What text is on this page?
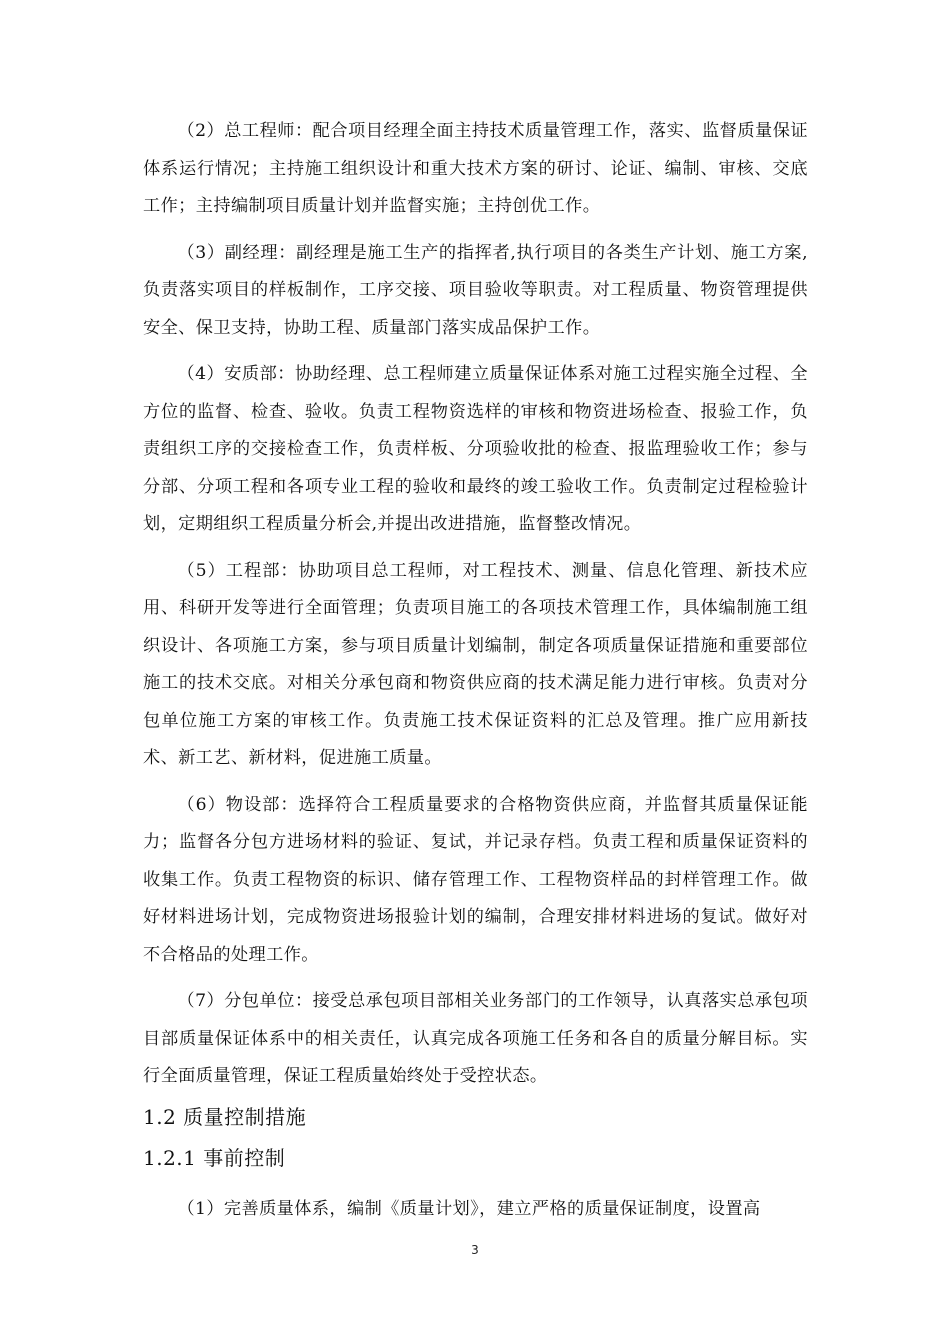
（2）总工程师：配合项目经理全面主持技术质量管理工作，落实、监督质量保证体系运行情况；主持施工组织设计和重大技术方案的研讨、论证、编制、审核、交底工作；主持编制项目质量计划并监督实施；主持创优工作。

（3）副经理：副经理是施工生产的指挥者,执行项目的各类生产计划、施工方案,负责落实项目的样板制作，工序交接、项目验收等职责。对工程质量、物资管理提供安全、保卫支持，协助工程、质量部门落实成品保护工作。

（4）安质部：协助经理、总工程师建立质量保证体系对施工过程实施全过程、全方位的监督、检查、验收。负责工程物资选样的审核和物资进场检查、报验工作，负责组织工序的交接检查工作，负责样板、分项验收批的检查、报监理验收工作；参与分部、分项工程和各项专业工程的验收和最终的竣工验收工作。负责制定过程检验计划，定期组织工程质量分析会,并提出改进措施，监督整改情况。

（5）工程部：协助项目总工程师，对工程技术、测量、信息化管理、新技术应用、科研开发等进行全面管理；负责项目施工的各项技术管理工作，具体编制施工组织设计、各项施工方案，参与项目质量计划编制，制定各项质量保证措施和重要部位施工的技术交底。对相关分承包商和物资供应商的技术满足能力进行审核。负责对分包单位施工方案的审核工作。负责施工技术保证资料的汇总及管理。推广应用新技术、新工艺、新材料，促进施工质量。

（6）物设部：选择符合工程质量要求的合格物资供应商，并监督其质量保证能力；监督各分包方进场材料的验证、复试，并记录存档。负责工程和质量保证资料的收集工作。负责工程物资的标识、储存管理工作、工程物资样品的封样管理工作。做好材料进场计划，完成物资进场报验计划的编制，合理安排材料进场的复试。做好对不合格品的处理工作。

（7）分包单位：接受总承包项目部相关业务部门的工作领导，认真落实总承包项目部质量保证体系中的相关责任，认真完成各项施工任务和各自的质量分解目标。实行全面质量管理，保证工程质量始终处于受控状态。

1.2 质量控制措施
1.2.1 事前控制

（1）完善质量体系，编制《质量计划》，建立严格的质量保证制度，设置高

3
